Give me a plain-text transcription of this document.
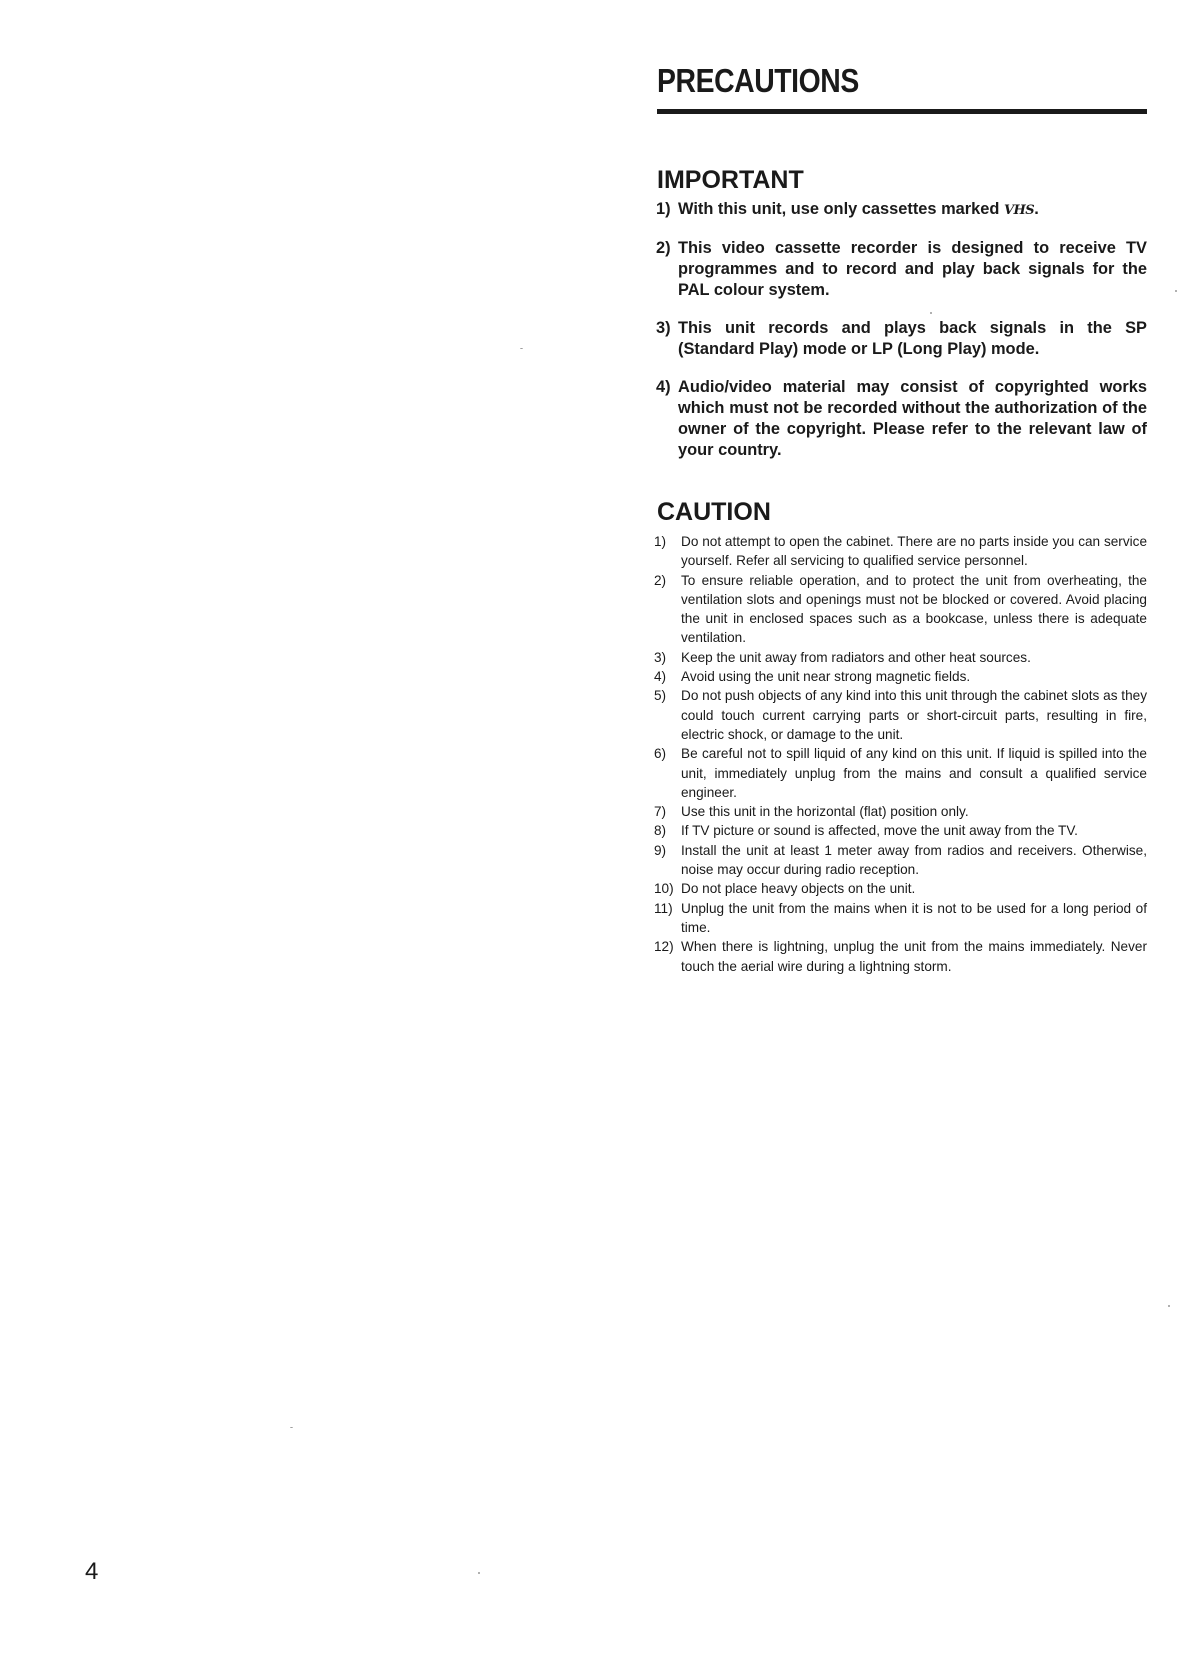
PRECAUTIONS
IMPORTANT
1) With this unit, use only cassettes marked VHS.
2) This video cassette recorder is designed to receive TV programmes and to record and play back signals for the PAL colour system.
3) This unit records and plays back signals in the SP (Standard Play) mode or LP (Long Play) mode.
4) Audio/video material may consist of copyrighted works which must not be recorded without the authorization of the owner of the copyright. Please refer to the relevant law of your country.
CAUTION
1) Do not attempt to open the cabinet. There are no parts inside you can service yourself. Refer all servicing to qualified service personnel.
2) To ensure reliable operation, and to protect the unit from overheating, the ventilation slots and openings must not be blocked or covered. Avoid placing the unit in enclosed spaces such as a bookcase, unless there is adequate ventilation.
3) Keep the unit away from radiators and other heat sources.
4) Avoid using the unit near strong magnetic fields.
5) Do not push objects of any kind into this unit through the cabinet slots as they could touch current carrying parts or short-circuit parts, resulting in fire, electric shock, or damage to the unit.
6) Be careful not to spill liquid of any kind on this unit. If liquid is spilled into the unit, immediately unplug from the mains and consult a qualified service engineer.
7) Use this unit in the horizontal (flat) position only.
8) If TV picture or sound is affected, move the unit away from the TV.
9) Install the unit at least 1 meter away from radios and receivers. Otherwise, noise may occur during radio reception.
10) Do not place heavy objects on the unit.
11) Unplug the unit from the mains when it is not to be used for a long period of time.
12) When there is lightning, unplug the unit from the mains immediately. Never touch the aerial wire during a lightning storm.

4
